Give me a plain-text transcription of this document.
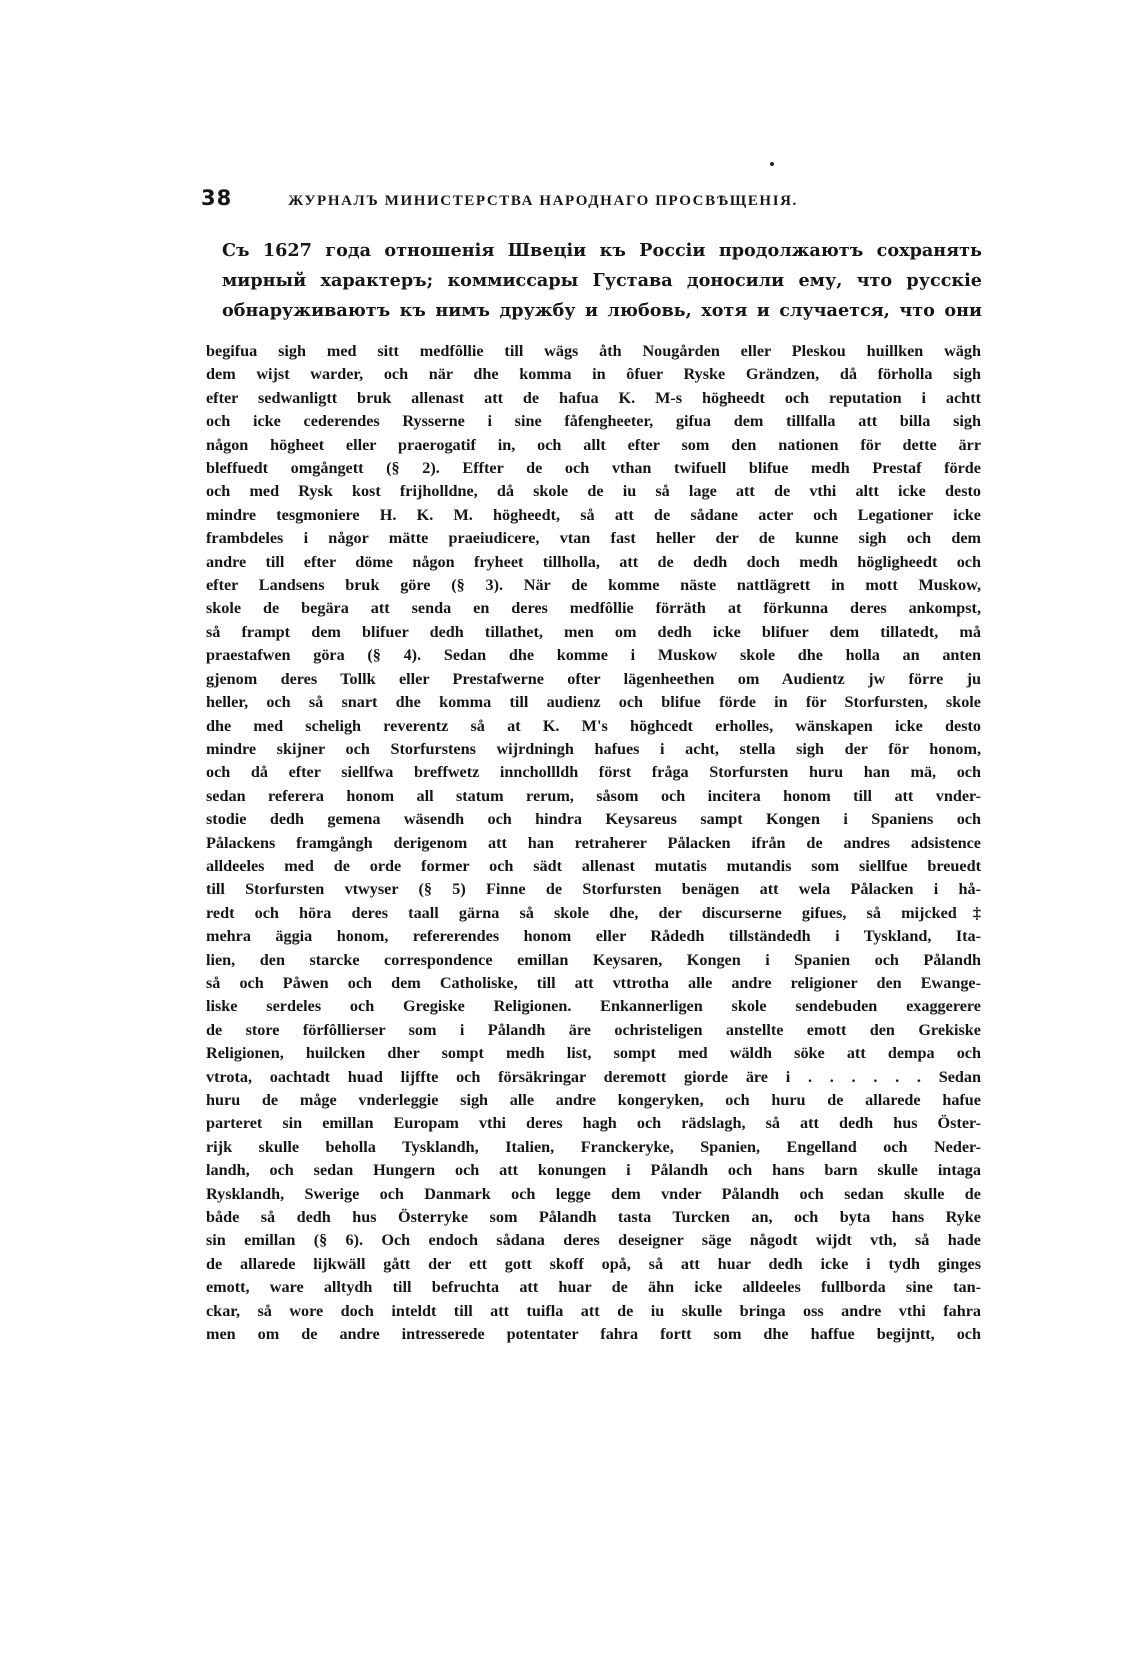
38	ЖУРНАЛЪ МИНИСТЕРСТВА НАРОДНАГО ПРОСВѢЩЕНІЯ.
Съ 1627 года отношенія Швеціи къ Россіи продолжаютъ сохранять
мирный характеръ; коммиссары Густава доносили ему, что русскіе
обнаруживаютъ къ нимъ дружбу и любовь, хотя и случается, что они
begifua sigh med sitt medfôllie till wägs åth Nougården eller Pleskou huillken wägh
dem wijst warder, och när dhe komma in ôfuer Ryske Grändzen, då förholla sigh
efter sedwanligtt bruk allenast att de hafua K. M-s högheedt och reputation i achtt
och icke cederendes Rysserne i sine fåfengheeter, gifua dem tillfalla att billa sigh
någon högheet eller praerogatif in, och allt efter som den nationen för dette ärr
bleffuedt omgångett (§ 2). Effter de och vthan twifuell blifue medh Prestaf förde
och med Rysk kost frijholldne, då skole de iu så lage att de vthi altt icke desto
mindre tesgmoniere H. K. M. högheedt, så att de sådane acter och Legationer icke
frambdeles i någor mätte praeiudicere, vtan fast heller der de kunne sigh och dem
andre till efter döme någon fryheet tillholla, att de dedh doch medh högligheedt och
efter Landsens bruk göre (§ 3). När de komme näste nattlägrett in mott Muskow,
skole de begära att senda en deres medfôllie förräth at förkunna deres ankompst,
så frampt dem blifuer dedh tillathet, men om dedh icke blifuer dem tillatedt, må
praestafwen göra (§ 4). Sedan dhe komme i Muskow skole dhe holla an anten
gjenom deres Tollk eller Prestafwerne ofter lägenheethen om Audientz jw förre ju
heller, och så snart dhe komma till audienz och blifue förde in för Storfursten, skole
dhe med scheligh reverentz så at K. M's höghcedt erholles, wänskapen icke desto
mindre skijner och Storfurstens wijrdningh hafues i acht, stella sigh der för honom,
och då efter siellfwa breffwetz innchollldh först fråga Storfursten huru han mä, och
sedan referera honom all statum rerum, såsom och incitera honom till att vnder-
stodie dedh gemena wäsendh och hindra Keysareus sampt Kongen i Spaniens och
Pålackens framgångh derigenom att han retraherer Pålacken ifrån de andres adsistence
alldeeles med de orde former och sädt allenast mutatis mutandis som siellfue breuedt
till Storfursten vtwyser (§ 5) Finne de Storfursten benägen att wela Pålacken i hå-
redt och höra deres taall gärna så skole dhe, der discurserne gifues, så mijcked‡
mehra äggia honom, refererendes honom eller Rådedh tillständedh i Tyskland, Ita-
lien, den starcke correspondence emillan Keysaren, Kongen i Spanien och Pålandh
så och Påwen och dem Catholiske, till att vttrotha alle andre religioner den Ewange-
liske serdeles och Gregiske Religionen. Enkannerligen skole sendebuden exaggerere
de store förfôllierser som i Pålandh äre ochristeligen anstellte emott den Grekiske
Religionen, huilcken dher sompt medh list, sompt med wäldh söke att dempa och
vtrota, oachtadt huad lijffte och försäkringar deremott giorde äre i . . . . . . Sedan
huru de måge vnderleggie sigh alle andre kongeryken, och huru de allarede hafue
parteret sin emillan Europam vthi deres hagh och rädslagh, så att dedh hus Öster-
rijk skulle beholla Tysklandh, Italien, Franckeryke, Spanien, Engelland och Neder-
landh, och sedan Hungern och att konungen i Pålandh och hans barn skulle intaga
Rysklandh, Swerige och Danmark och legge dem vnder Pålandh och sedan skulle de
både så dedh hus Österryke som Pålandh tasta Turcken an, och byta hans Ryke
sin emillan (§ 6). Och endoch sådana deres deseigner säge någodt wijdt vth, så hade
de allarede lijkwäll gått der ett gott skoff opå, så att huar dedh icke i tydh ginges
emott, ware alltydh till befruchta att huar de ähn icke alldeeles fullborda sine tan-
ckar, så wore doch inteldt till att tuifla att de iu skulle bringa oss andre vthi fahra
men om de andre intresserede potentater fahra fortt som dhe haffue begijntt, och
